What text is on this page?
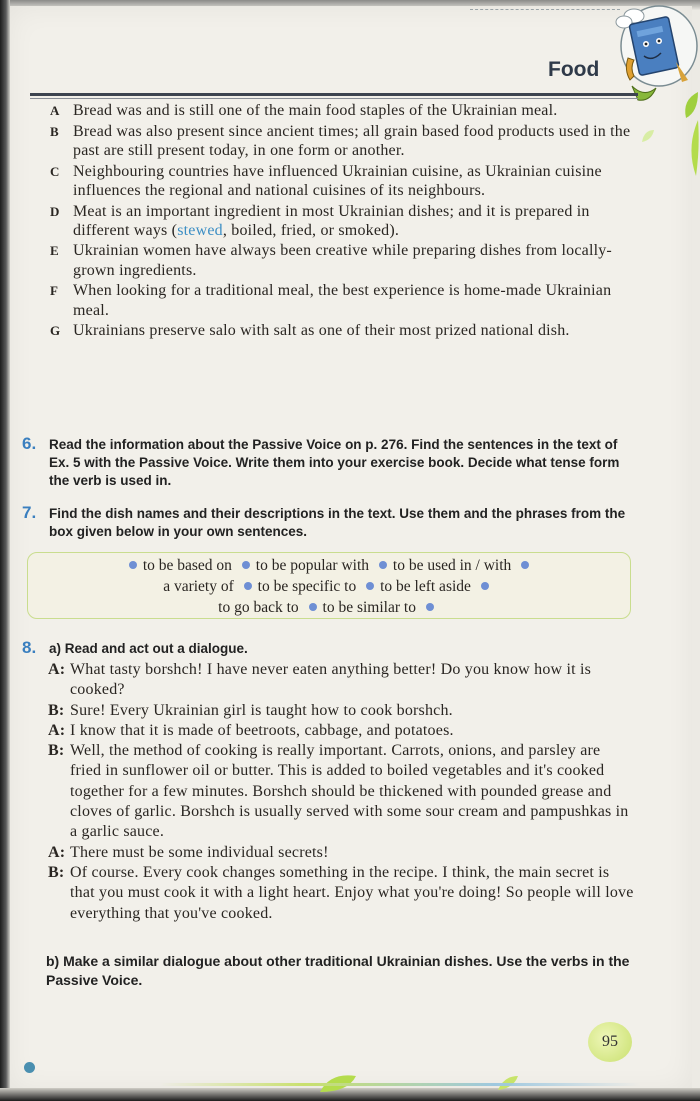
Food
A Bread was and is still one of the main food staples of the Ukrainian meal.
B Bread was also present since ancient times; all grain based food products used in the past are still present today, in one form or another.
C Neighbouring countries have influenced Ukrainian cuisine, as Ukrainian cuisine influences the regional and national cuisines of its neighbours.
D Meat is an important ingredient in most Ukrainian dishes; and it is prepared in different ways (stewed, boiled, fried, or smoked).
E Ukrainian women have always been creative while preparing dishes from locally-grown ingredients.
F When looking for a traditional meal, the best experience is home-made Ukrainian meal.
G Ukrainians preserve salo with salt as one of their most prized national dish.
6. Read the information about the Passive Voice on p. 276. Find the sentences in the text of Ex. 5 with the Passive Voice. Write them into your exercise book. Decide what tense form the verb is used in.
7. Find the dish names and their descriptions in the text. Use them and the phrases from the box given below in your own sentences.
to be based on to be popular with to be used in / with
a variety of to be specific to to be left aside
to go back to to be similar to
8. a) Read and act out a dialogue.
A: What tasty borshch! I have never eaten anything better! Do you know how it is cooked?
B: Sure! Every Ukrainian girl is taught how to cook borshch.
A: I know that it is made of beetroots, cabbage, and potatoes.
B: Well, the method of cooking is really important. Carrots, onions, and parsley are fried in sunflower oil or butter. This is added to boiled vegetables and it's cooked together for a few minutes. Borshch should be thickened with pounded grease and cloves of garlic. Borshch is usually served with some sour cream and pampushkas in a garlic sauce.
A: There must be some individual secrets!
B: Of course. Every cook changes something in the recipe. I think, the main secret is that you must cook it with a light heart. Enjoy what you're doing! So people will love everything that you've cooked.
b) Make a similar dialogue about other traditional Ukrainian dishes. Use the verbs in the Passive Voice.
95
